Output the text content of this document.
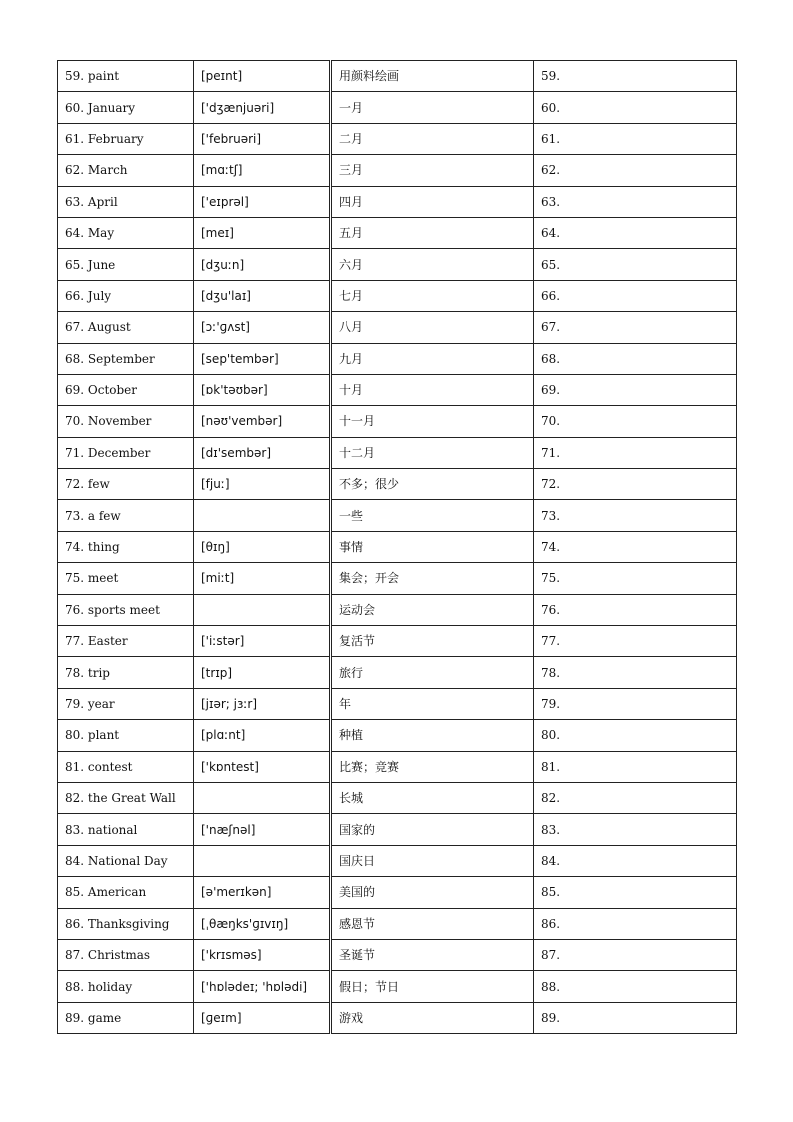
59. paint	[peɪnt]	用颜料绘画	59.
60. January	['dʒænjuəri]	一月	60.
61. February	['februəri]	二月	61.
62. March	[mɑːtʃ]	三月	62.
63. April	['eɪprəl]	四月	63.
64. May	[meɪ]	五月	64.
65. June	[dʒuːn]	六月	65.
66. July	[dʒu'laɪ]	七月	66.
67. August	[ɔː'ɡʌst]	八月	67.
68. September	[sep'tembər]	九月	68.
69. October	[ɒk'təʊbər]	十月	69.
70. November	[nəʊ'vembər]	十一月	70.
71. December	[dɪ'sembər]	十二月	71.
72. few	[fjuː]	不多；很少	72.
73. a few		一些	73.
74. thing	[θɪŋ]	事情	74.
75. meet	[miːt]	集会；开会	75.
76. sports meet		运动会	76.
77. Easter	['iːstər]	复活节	77.
78. trip	[trɪp]	旅行	78.
79. year	[jɪər; jɜːr]	年	79.
80. plant	[plɑːnt]	种植	80.
81. contest	['kɒntest]	比赛；竞赛	81.
82. the Great Wall		长城	82.
83. national	['næʃnəl]	国家的	83.
84. National Day		国庆日	84.
85. American	[ə'merɪkən]	美国的	85.
86. Thanksgiving	[ˌθæŋks'ɡɪvɪŋ]	感恩节	86.
87. Christmas	['krɪsməs]	圣诞节	87.
88. holiday	['hɒlədeɪ; 'hɒlədi]	假日；节日	88.
89. game	[ɡeɪm]	游戏	89.
